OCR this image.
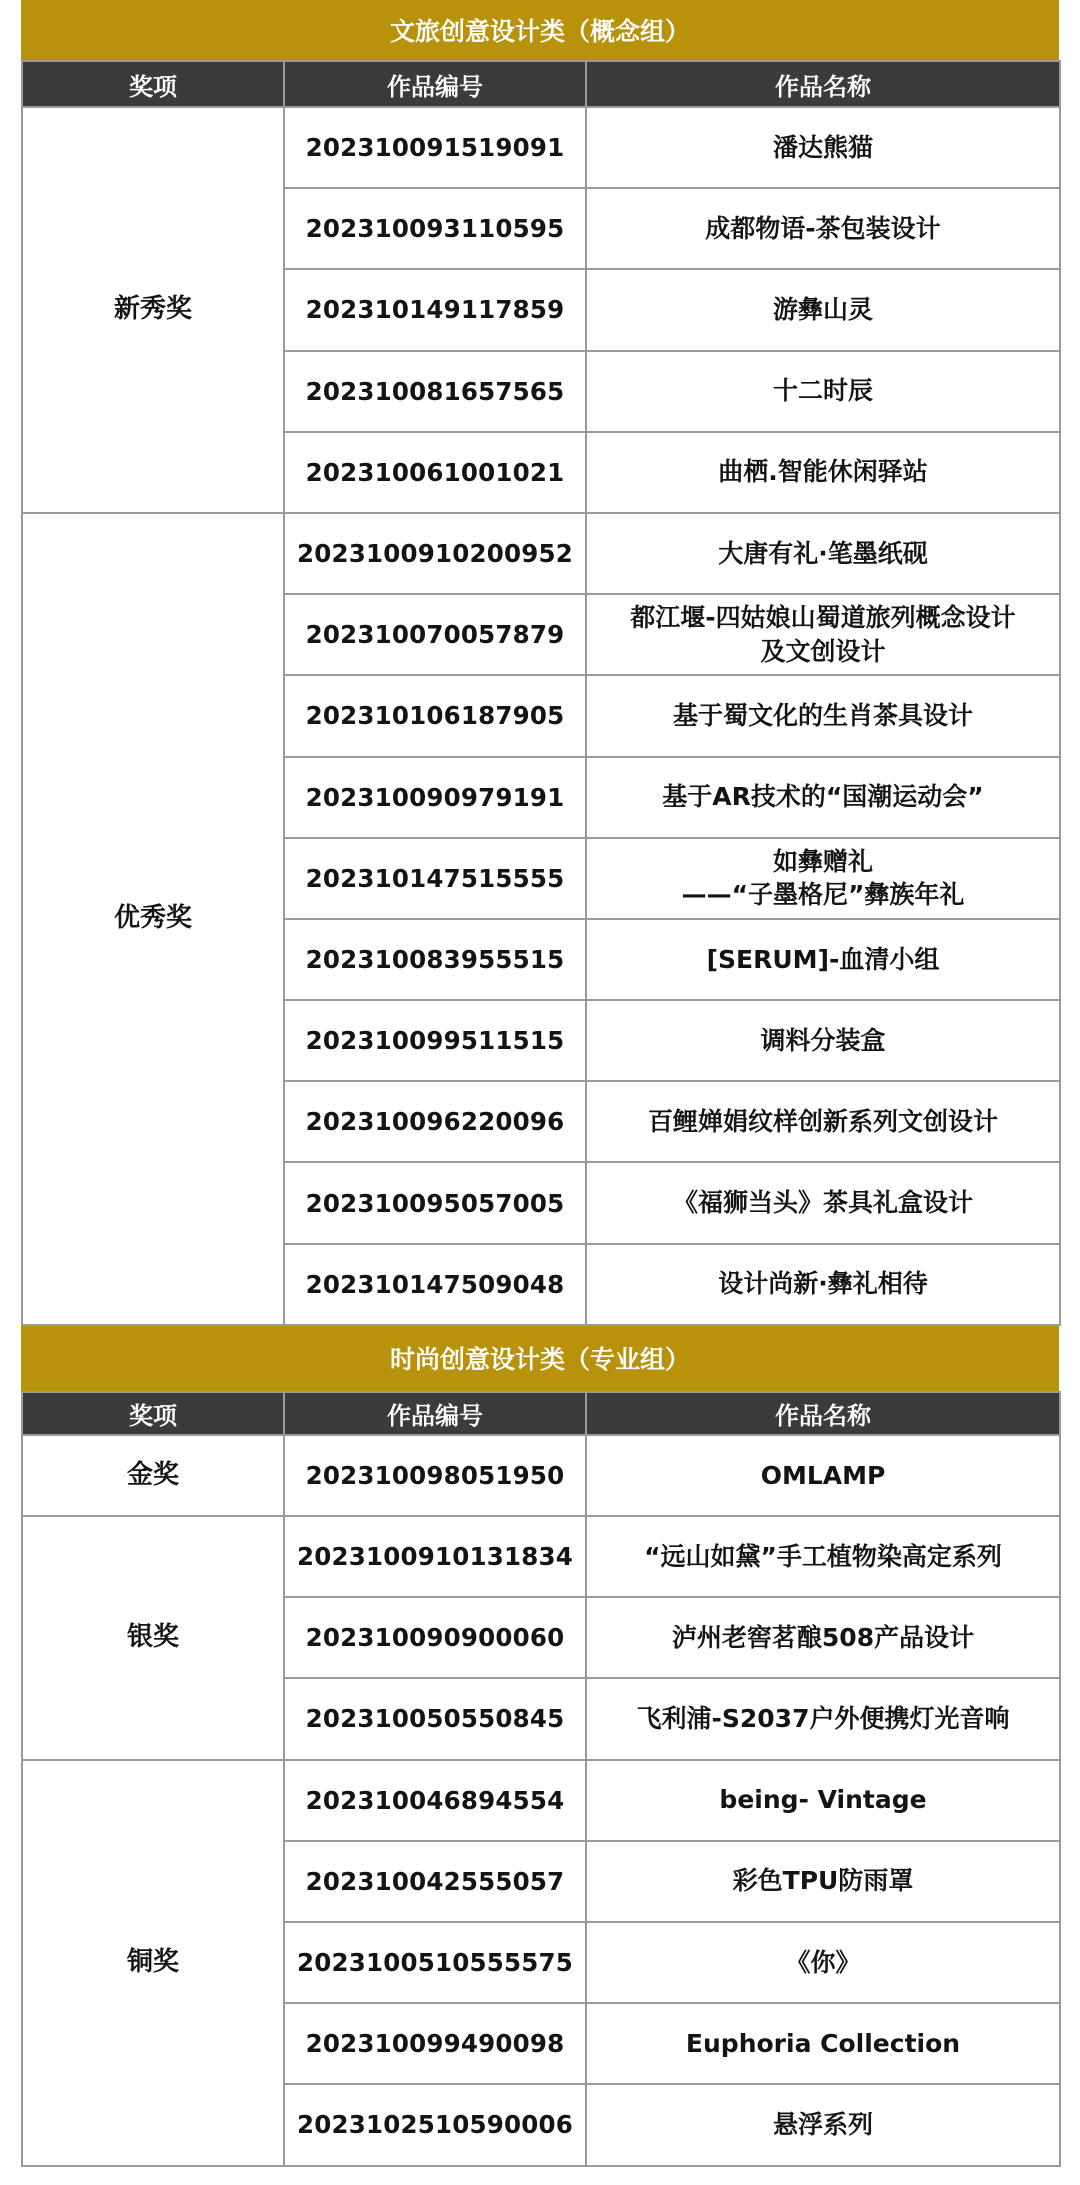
文旅创意设计类（概念组）
奖项	作品编号	作品名称
新秀奖	202310091519091	潘达熊猫

	202310093110595	成都物语-茶包装设计

	202310149117859	游彝山灵

	202310081657565	十二时辰

	202310061001021	曲栖.智能休闲驿站

优秀奖	2023100910200952	大唐有礼·笔墨纸砚

	202310070057879	都江堰-四姑娘山蜀道旅列概念设计
及文创设计

	202310106187905	基于蜀文化的生肖茶具设计

	202310090979191	基于AR技术的“国潮运动会”

	202310147515555	如彝赠礼
——“子墨格尼”彝族年礼

	202310083955515	[SERUM]-血清小组

	202310099511515	调料分装盒

	202310096220096	百鲤婵娟纹样创新系列文创设计

	202310095057005	《福狮当头》茶具礼盒设计

	202310147509048	设计尚新·彝礼相待
时尚创意设计类（专业组）
奖项	作品编号	作品名称
金奖	202310098051950	OMLAMP

银奖	2023100910131834	“远山如黛”手工植物染高定系列

	202310090900060	泸州老窖茗酿508产品设计

	202310050550845	飞利浦-S2037户外便携灯光音响

铜奖	202310046894554	being- Vintage

	202310042555057	彩色TPU防雨罩

	2023100510555575	《你》

	202310099490098	Euphoria Collection

	2023102510590006	悬浮系列
